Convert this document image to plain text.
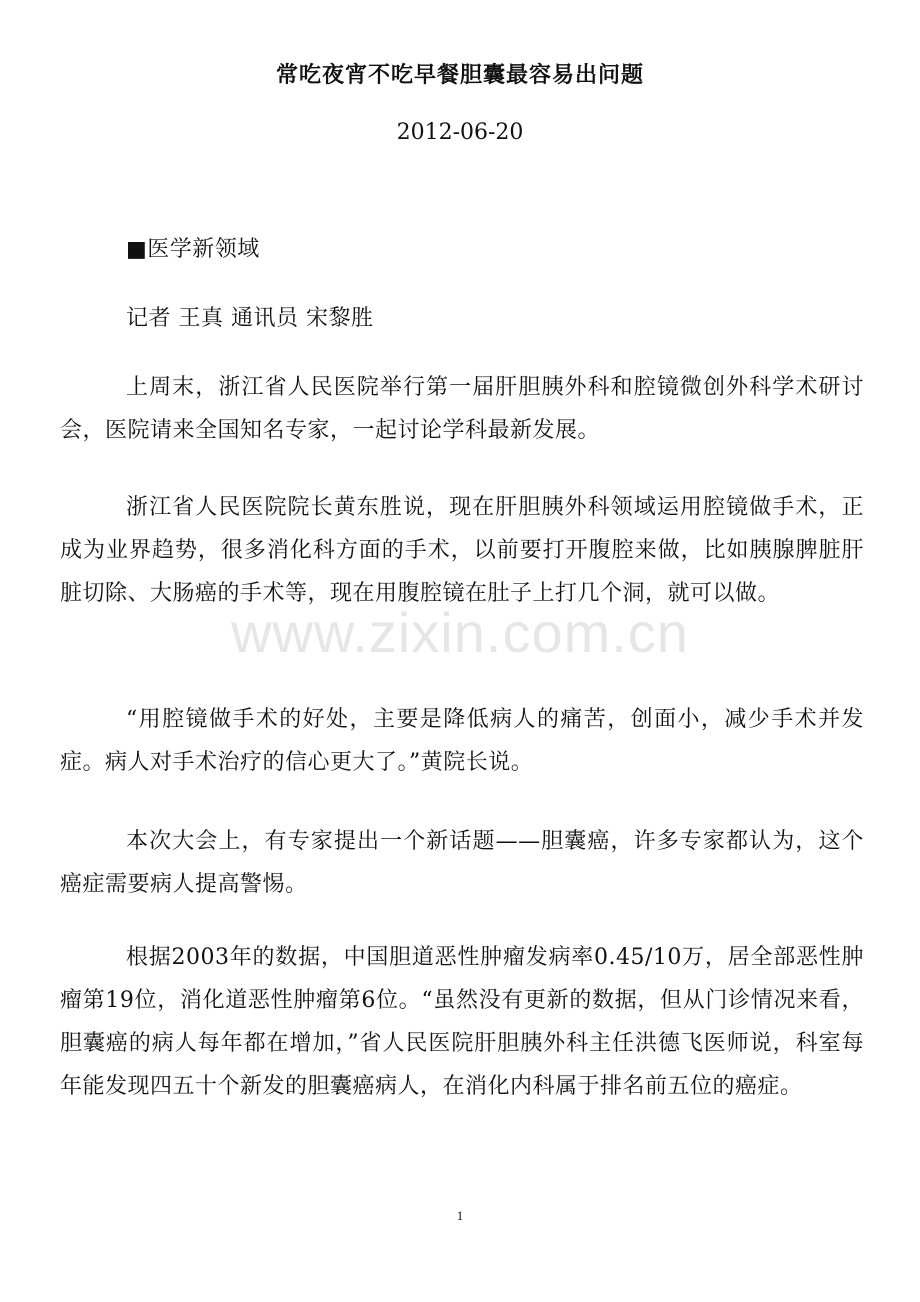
常吃夜宵不吃早餐胆囊最容易出问题
2012-06-20
■医学新领域
记者 王真 通讯员 宋黎胜
上周末，浙江省人民医院举行第一届肝胆胰外科和腔镜微创外科学术研讨会，医院请来全国知名专家，一起讨论学科最新发展。
浙江省人民医院院长黄东胜说，现在肝胆胰外科领域运用腔镜做手术，正成为业界趋势，很多消化科方面的手术，以前要打开腹腔来做，比如胰腺脾脏肝脏切除、大肠癌的手术等，现在用腹腔镜在肚子上打几个洞，就可以做。
“用腔镜做手术的好处，主要是降低病人的痛苦，创面小，减少手术并发症。病人对手术治疗的信心更大了。”黄院长说。
本次大会上，有专家提出一个新话题——胆囊癌，许多专家都认为，这个癌症需要病人提高警惕。
根据2003年的数据，中国胆道恶性肿瘤发病率0.45/10万，居全部恶性肿瘤第19位，消化道恶性肿瘤第6位。“虽然没有更新的数据，但从门诊情况来看，胆囊癌的病人每年都在增加，”省人民医院肝胆胰外科主任洪德飞医师说，科室每年能发现四五十个新发的胆囊癌病人，在消化内科属于排名前五位的癌症。
www.zixin.com.cn
1
